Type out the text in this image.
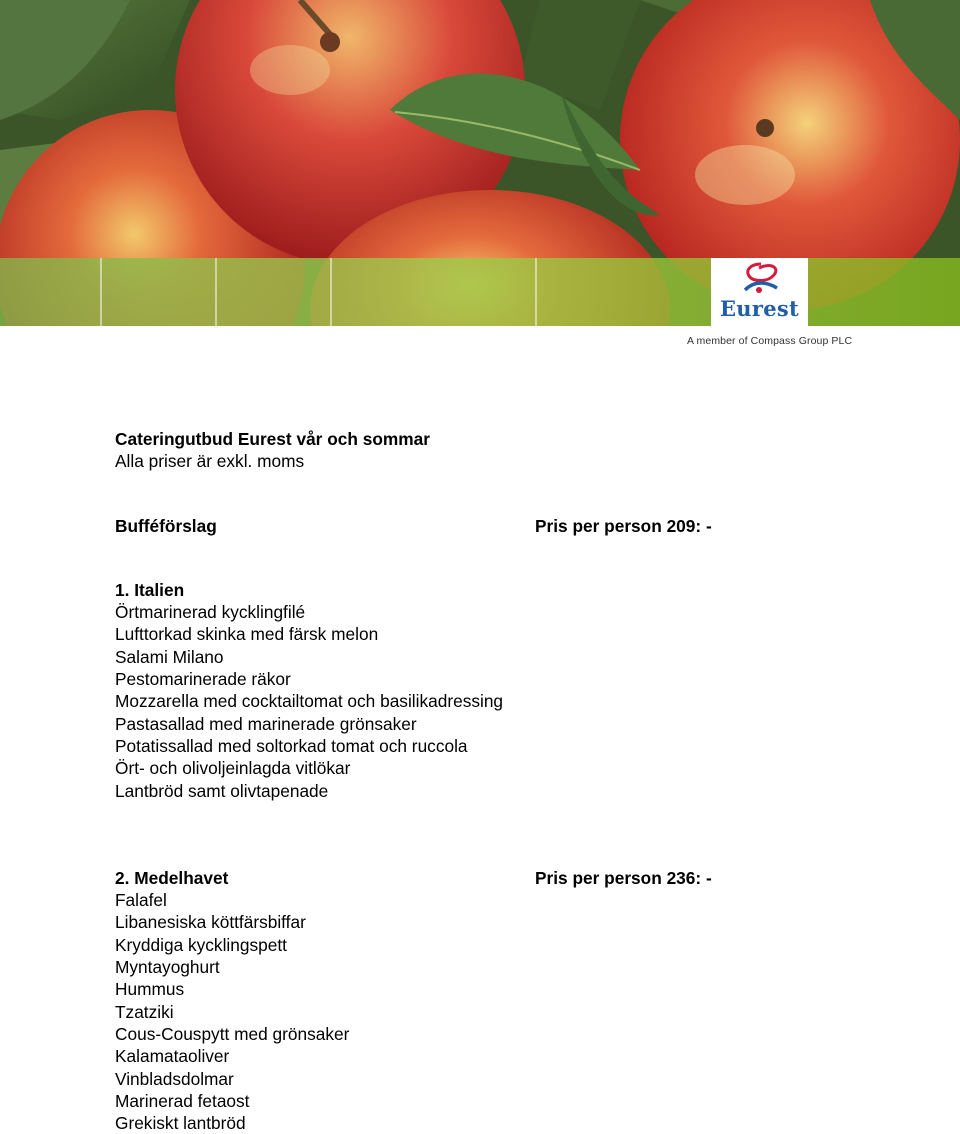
Eurest
A member of Compass Group PLC
Cateringutbud Eurest vår och sommar
Alla priser är exkl. moms
Bufféförslag	Pris per person 209: -
1. Italien
Örtmarinerad kycklingfilé
Lufttorkad skinka med färsk melon
Salami Milano
Pestomarinerade räkor
Mozzarella med cocktailtomat och basilikadressing
Pastasallad med marinerade grönsaker
Potatissallad med soltorkad tomat och ruccola
Ört- och olivoljeinlagda vitlökar
Lantbröd samt olivtapenade
2. Medelhavet	Pris per person 236: -
Falafel
Libanesiska köttfärsbiffar
Kryddiga kycklingspett
Myntayoghurt
Hummus
Tzatziki
Cous-Couspytt med grönsaker
Kalamataoliver
Vinbladsdolmar
Marinerad fetaost
Grekiskt lantbröd
